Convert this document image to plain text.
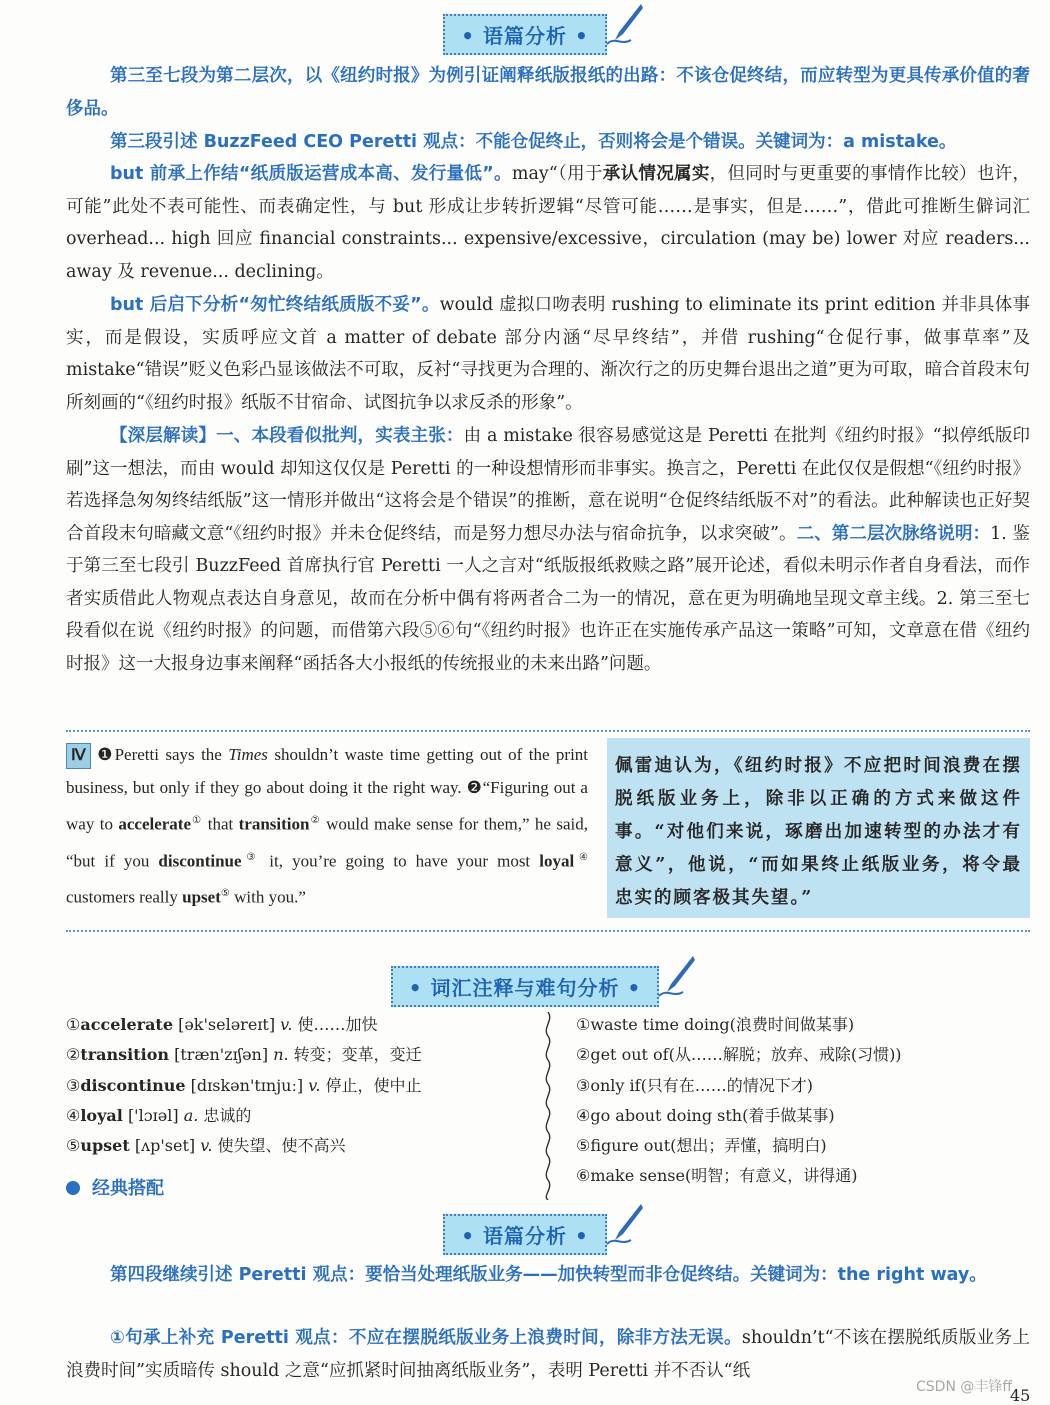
• 语篇分析 •

第三至七段为第二层次，以《纽约时报》为例引证阐释纸版报纸的出路：不该仓促终结，而应转型为更具传承价值的奢侈品。

第三段引述 BuzzFeed CEO Peretti 观点：不能仓促终止，否则将会是个错误。关键词为：a mistake。

but 前承上作结“纸质版运营成本高、发行量低”。may“（用于承认情况属实，但同时与更重要的事情作比较）也许，可能”此处不表可能性、而表确定性，与 but 形成让步转折逻辑“尽管可能……是事实，但是……”，借此可推断生僻词汇 overhead... high 回应 financial constraints... expensive/excessive，circulation (may be) lower 对应 readers... away 及 revenue... declining。

but 后启下分析“匆忙终结纸质版不妥”。would 虚拟口吻表明 rushing to eliminate its print edition 并非具体事实，而是假设，实质呼应文首 a matter of debate 部分内涵“尽早终结”，并借 rushing“仓促行事，做事草率”及 mistake“错误”贬义色彩凸显该做法不可取，反衬“寻找更为合理的、渐次行之的历史舞台退出之道”更为可取，暗合首段末句所刻画的“《纽约时报》纸版不甘宿命、试图抗争以求反杀的形象”。

【深层解读】一、本段看似批判，实表主张：由 a mistake 很容易感觉这是 Peretti 在批判《纽约时报》“拟停纸版印刷”这一想法，而由 would 却知这仅仅是 Peretti 的一种设想情形而非事实。换言之，Peretti 在此仅仅是假想“《纽约时报》若选择急匆匆终结纸版”这一情形并做出“这将会是个错误”的推断，意在说明“仓促终结纸版不对”的看法。此种解读也正好契合首段末句暗藏文意“《纽约时报》并未仓促终结，而是努力想尽办法与宿命抗争，以求突破”。二、第二层次脉络说明：1. 鉴于第三至七段引 BuzzFeed 首席执行官 Peretti 一人之言对“纸版报纸救赎之路”展开论述，看似未明示作者自身看法，而作者实质借此人物观点表达自身意见，故而在分析中偶有将两者合二为一的情况，意在更为明确地呈现文章主线。2. 第三至七段看似在说《纽约时报》的问题，而借第六段⑤⑥句“《纽约时报》也许正在实施传承产品这一策略”可知，文章意在借《纽约时报》这一大报身边事来阐释“函括各大小报纸的传统报业的未来出路”问题。

Ⅳ ❶Peretti says the Times shouldn’t waste time getting out of the print business, but only if they go about doing it the right way. ❷“Figuring out a way to accelerate① that transition② would make sense for them,” he said, “but if you discontinue③ it, you’re going to have your most loyal④ customers really upset⑤ with you.”

佩雷迪认为，《纽约时报》不应把时间浪费在摆脱纸版业务上，除非以正确的方式来做这件事。“对他们来说，琢磨出加速转型的办法才有意义”，他说，“而如果终止纸版业务，将令最忠实的顾客极其失望。”

• 词汇注释与难句分析 •
①accelerate [ək'seləreɪt] v. 使……加快
②transition [træn'zɪʃən] n. 转变；变革，变迁
③discontinue [dɪskən'tɪnjuː] v. 停止，使中止
④loyal ['lɔɪəl] a. 忠诚的
⑤upset [ʌp'set] v. 使失望、使不高兴
①waste time doing(浪费时间做某事)
②get out of(从……解脱；放弃、戒除(习惯))
③only if(只有在……的情况下才)
④go about doing sth(着手做某事)
⑤figure out(想出；弄懂，搞明白)
⑥make sense(明智；有意义，讲得通)
经典搭配
• 语篇分析 •

第四段继续引述 Peretti 观点：要恰当处理纸版业务——加快转型而非仓促终结。关键词为：the right way。

①句承上补充 Peretti 观点：不应在摆脱纸版业务上浪费时间，除非方法无误。shouldn’t“不该在摆脱纸质版业务上浪费时间”实质暗传 should 之意“应抓紧时间抽离纸版业务”，表明 Peretti 并不否认“纸

45
CSDN @丰锋ff
